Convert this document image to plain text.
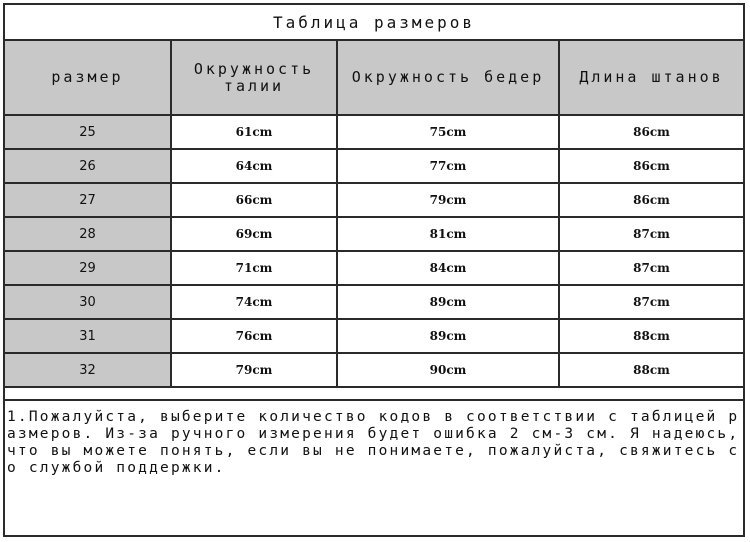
Таблица размеров
размер	Окружность талии	Окружность бедер	Длина штанов
25	61cm	75cm	86cm
26	64cm	77cm	86cm
27	66cm	79cm	86cm
28	69cm	81cm	87cm
29	71cm	84cm	87cm
30	74cm	89cm	87cm
31	76cm	89cm	88cm
32	79cm	90cm	88cm
1.Пожалуйста, выберите количество кодов в соответствии с таблицей размеров. Из-за ручного измерения будет ошибка 2 см-3 см. Я надеюсь, что вы можете понять, если вы не понимаете, пожалуйста, свяжитесь со службой поддержки.
